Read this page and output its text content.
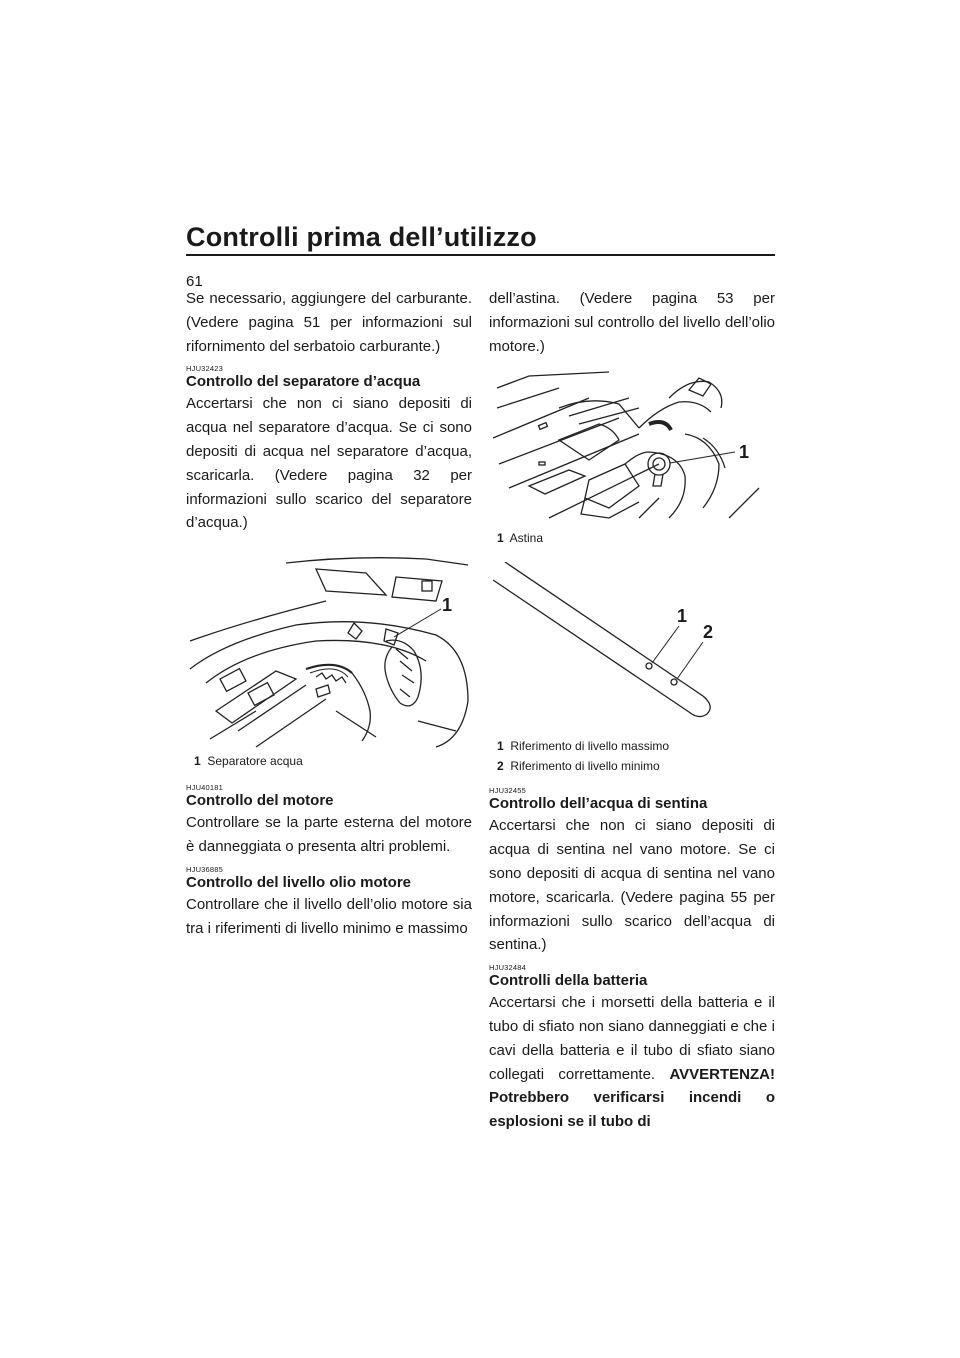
Controlli prima dell’utilizzo
61

Se necessario, aggiungere del carburante. (Vedere pagina 51 per informazioni sul rifornimento del serbatoio carburante.)

HJU32423
Controllo del separatore d’acqua

Accertarsi che non ci siano depositi di acqua nel separatore d’acqua. Se ci sono depositi di acqua nel separatore d’acqua, scaricarla. (Vedere pagina 32 per informazioni sullo scarico del separatore d’acqua.)

1
1 Separatore acqua
HJU40181
Controllo del motore

Controllare se la parte esterna del motore è danneggiata o presenta altri problemi.

HJU36885
Controllo del livello olio motore

Controllare che il livello dell’olio motore sia tra i riferimenti di livello minimo e massimo

dell’astina. (Vedere pagina 53 per informazioni sul controllo del livello dell’olio motore.)

1
1 Astina
1
2
1 Riferimento di livello massimo
2 Riferimento di livello minimo
HJU32455
Controllo dell’acqua di sentina

Accertarsi che non ci siano depositi di acqua di sentina nel vano motore. Se ci sono depositi di acqua di sentina nel vano motore, scaricarla. (Vedere pagina 55 per informazioni sullo scarico dell’acqua di sentina.)

HJU32484
Controlli della batteria

Accertarsi che i morsetti della batteria e il tubo di sfiato non siano danneggiati e che i cavi della batteria e il tubo di sfiato siano collegati correttamente. AVVERTENZA! Potrebbero verificarsi incendi o esplosioni se il tubo di
